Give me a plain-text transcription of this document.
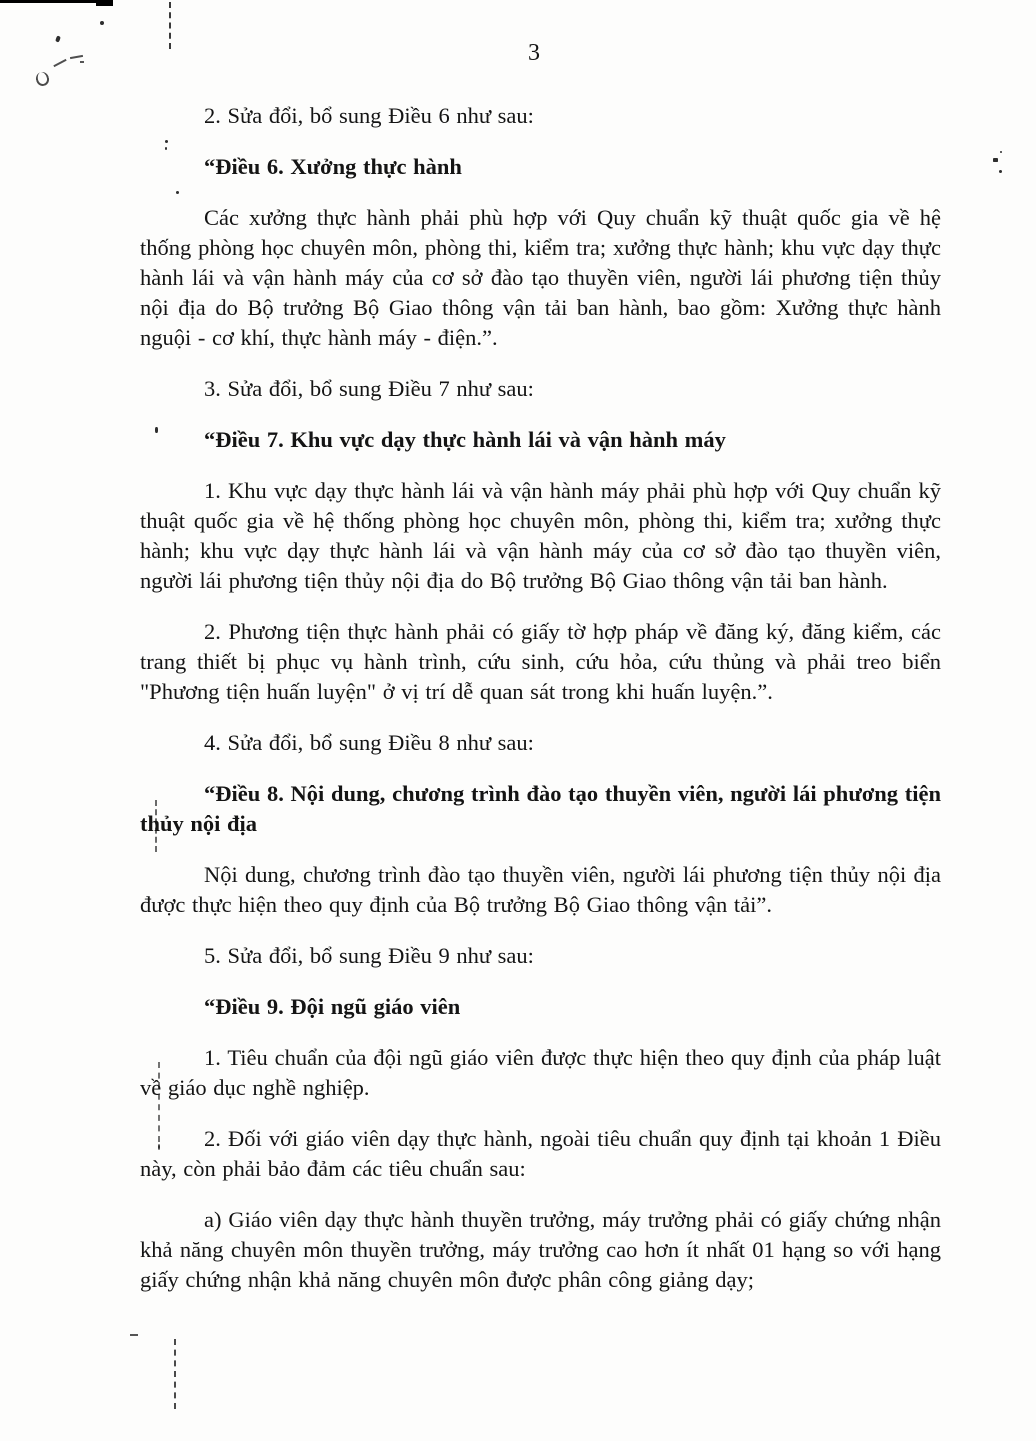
3

2. Sửa đổi, bổ sung Điều 6 như sau:

“Điều 6. Xưởng thực hành

Các xưởng thực hành phải phù hợp với Quy chuẩn kỹ thuật quốc gia về hệ thống phòng học chuyên môn, phòng thi, kiểm tra; xưởng thực hành; khu vực dạy thực hành lái và vận hành máy của cơ sở đào tạo thuyền viên, người lái phương tiện thủy nội địa do Bộ trưởng Bộ Giao thông vận tải ban hành, bao gồm: Xưởng thực hành nguội - cơ khí, thực hành máy - điện.”.

3. Sửa đổi, bổ sung Điều 7 như sau:

“Điều 7. Khu vực dạy thực hành lái và vận hành máy

1. Khu vực dạy thực hành lái và vận hành máy phải phù hợp với Quy chuẩn kỹ thuật quốc gia về hệ thống phòng học chuyên môn, phòng thi, kiểm tra; xưởng thực hành; khu vực dạy thực hành lái và vận hành máy của cơ sở đào tạo thuyền viên, người lái phương tiện thủy nội địa do Bộ trưởng Bộ Giao thông vận tải ban hành.

2. Phương tiện thực hành phải có giấy tờ hợp pháp về đăng ký, đăng kiểm, các trang thiết bị phục vụ hành trình, cứu sinh, cứu hỏa, cứu thủng và phải treo biển "Phương tiện huấn luyện" ở vị trí dễ quan sát trong khi huấn luyện.”.

4. Sửa đổi, bổ sung Điều 8 như sau:

“Điều 8. Nội dung, chương trình đào tạo thuyền viên, người lái phương tiện thủy nội địa

Nội dung, chương trình đào tạo thuyền viên, người lái phương tiện thủy nội địa được thực hiện theo quy định của Bộ trưởng Bộ Giao thông vận tải”.

5. Sửa đổi, bổ sung Điều 9 như sau:

“Điều 9. Đội ngũ giáo viên

1. Tiêu chuẩn của đội ngũ giáo viên được thực hiện theo quy định của pháp luật về giáo dục nghề nghiệp.

2. Đối với giáo viên dạy thực hành, ngoài tiêu chuẩn quy định tại khoản 1 Điều này, còn phải bảo đảm các tiêu chuẩn sau:

a) Giáo viên dạy thực hành thuyền trưởng, máy trưởng phải có giấy chứng nhận khả năng chuyên môn thuyền trưởng, máy trưởng cao hơn ít nhất 01 hạng so với hạng giấy chứng nhận khả năng chuyên môn được phân công giảng dạy;
